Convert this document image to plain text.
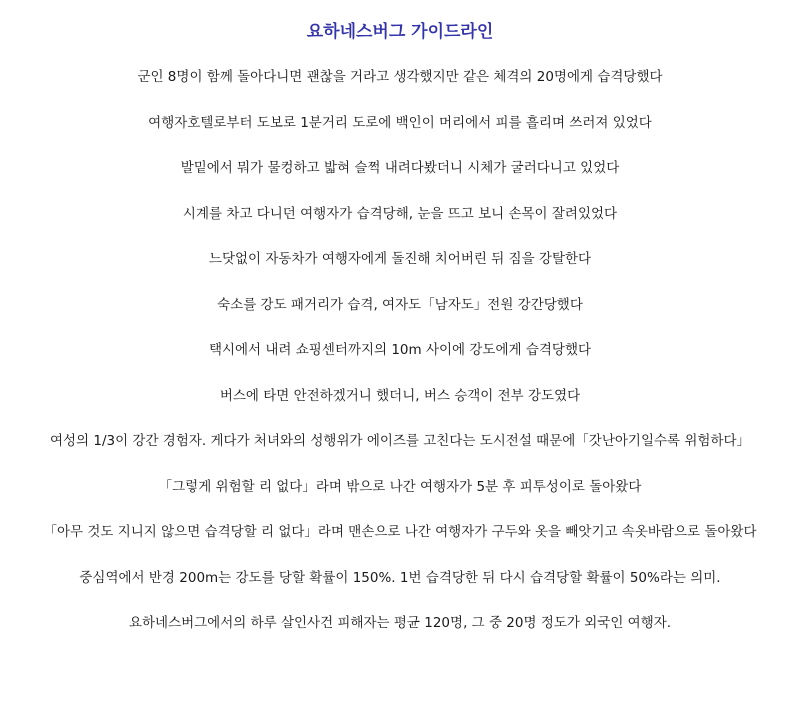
요하네스버그 가이드라인
군인 8명이 함께 돌아다니면 괜찮을 거라고 생각했지만 같은 체격의 20명에게 습격당했다
여행자호텔로부터 도보로 1분거리 도로에 백인이 머리에서 피를 흘리며 쓰러져 있었다
발밑에서 뭐가 물컹하고 밟혀 슬쩍 내려다봤더니 시체가 굴러다니고 있었다
시계를 차고 다니던 여행자가 습격당해, 눈을 뜨고 보니 손목이 잘려있었다
느닷없이 자동차가 여행자에게 돌진해 치어버린 뒤 짐을 강탈한다
숙소를 강도 패거리가 습격, 여자도「남자도」전원 강간당했다
택시에서 내려 쇼핑센터까지의 10m 사이에 강도에게 습격당했다
버스에 타면 안전하겠거니 했더니, 버스 승객이 전부 강도였다
여성의 1/3이 강간 경험자. 게다가 처녀와의 성행위가 에이즈를 고친다는 도시전설 때문에「갓난아기일수록 위험하다」
「그렇게 위험할 리 없다」라며 밖으로 나간 여행자가 5분 후 피투성이로 돌아왔다
「아무 것도 지니지 않으면 습격당할 리 없다」라며 맨손으로 나간 여행자가 구두와 옷을 빼앗기고 속옷바람으로 돌아왔다
중심역에서 반경 200m는 강도를 당할 확률이 150%. 1번 습격당한 뒤 다시 습격당할 확률이 50%라는 의미.
요하네스버그에서의 하루 살인사건 피해자는 평균 120명, 그 중 20명 정도가 외국인 여행자.
